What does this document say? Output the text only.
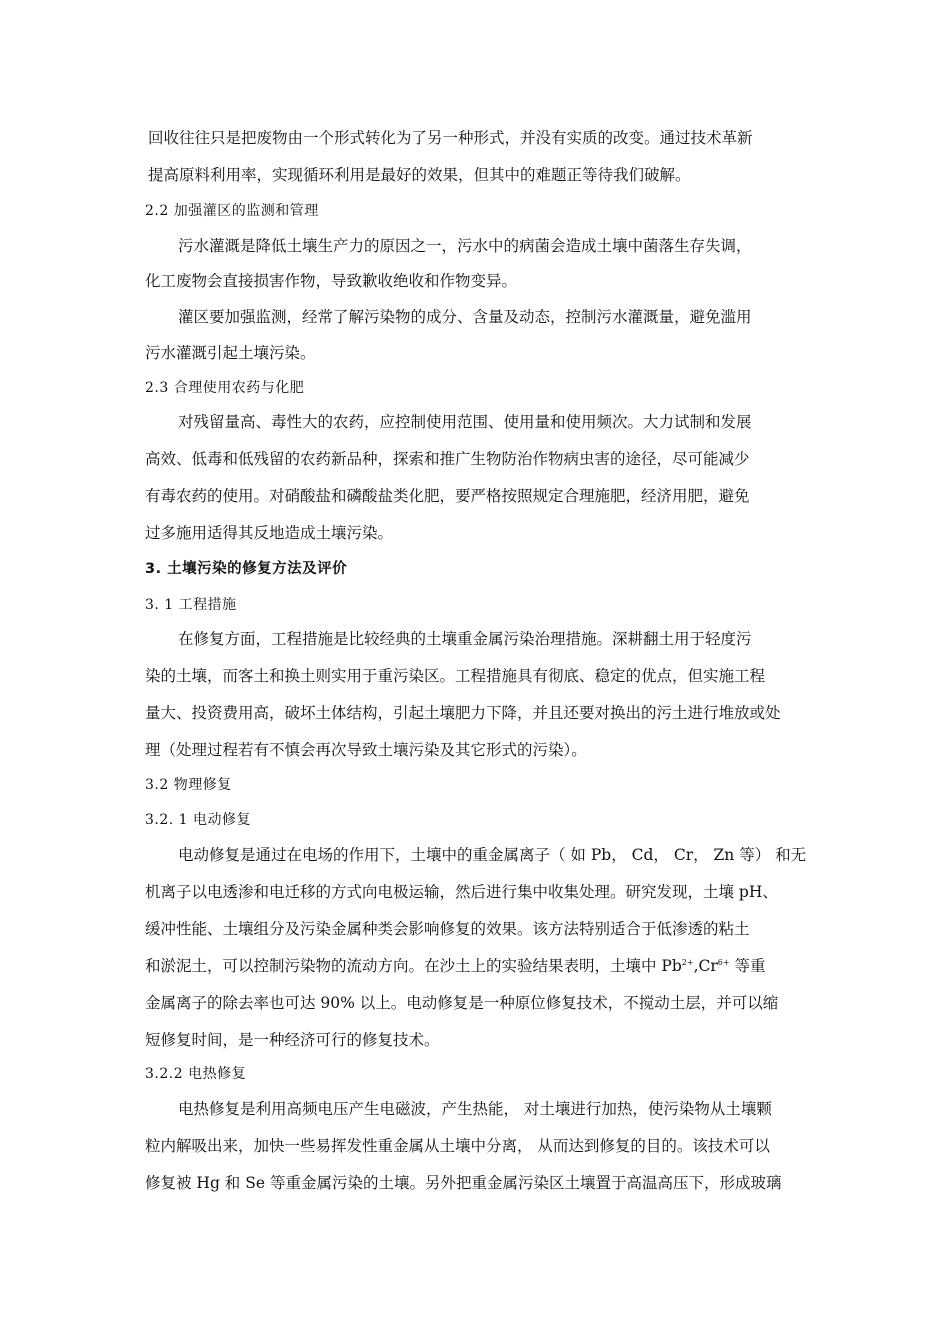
回收往往只是把废物由一个形式转化为了另一种形式，并没有实质的改变。通过技术革新
提高原料利用率，实现循环利用是最好的效果，但其中的难题正等待我们破解。
2.2 加强灌区的监测和管理
污水灌溉是降低土壤生产力的原因之一，污水中的病菌会造成土壤中菌落生存失调，
化工废物会直接损害作物，导致歉收绝收和作物变异。
灌区要加强监测，经常了解污染物的成分、含量及动态，控制污水灌溉量，避免滥用
污水灌溉引起土壤污染。
2.3 合理使用农药与化肥
对残留量高、毒性大的农药，应控制使用范围、使用量和使用频次。大力试制和发展
高效、低毒和低残留的农药新品种，探索和推广生物防治作物病虫害的途径，尽可能减少
有毒农药的使用。对硝酸盐和磷酸盐类化肥，要严格按照规定合理施肥，经济用肥，避免
过多施用适得其反地造成土壤污染。
3. 土壤污染的修复方法及评价
3. 1 工程措施
在修复方面，工程措施是比较经典的土壤重金属污染治理措施。深耕翻土用于轻度污
染的土壤，而客土和换土则实用于重污染区。工程措施具有彻底、稳定的优点，但实施工程
量大、投资费用高，破坏土体结构，引起土壤肥力下降，并且还要对换出的污土进行堆放或处
理（处理过程若有不慎会再次导致土壤污染及其它形式的污染）。
3.2 物理修复
3.2. 1 电动修复
电动修复是通过在电场的作用下，土壤中的重金属离子（ 如 Pb， Cd， Cr， Zn 等） 和无
机离子以电透渗和电迁移的方式向电极运输，然后进行集中收集处理。研究发现，土壤 pH、
缓冲性能、土壤组分及污染金属种类会影响修复的效果。该方法特别适合于低渗透的粘土
和淤泥土，可以控制污染物的流动方向。在沙土上的实验结果表明，土壤中 $Pb^{2+},Cr^{6+}$ 等重
金属离子的除去率也可达 90% 以上。电动修复是一种原位修复技术，不搅动土层，并可以缩
短修复时间，是一种经济可行的修复技术。
3.2.2 电热修复
电热修复是利用高频电压产生电磁波，产生热能， 对土壤进行加热，使污染物从土壤颗
粒内解吸出来，加快一些易挥发性重金属从土壤中分离， 从而达到修复的目的。该技术可以
修复被 Hg 和 Se 等重金属污染的土壤。另外把重金属污染区土壤置于高温高压下，形成玻璃
